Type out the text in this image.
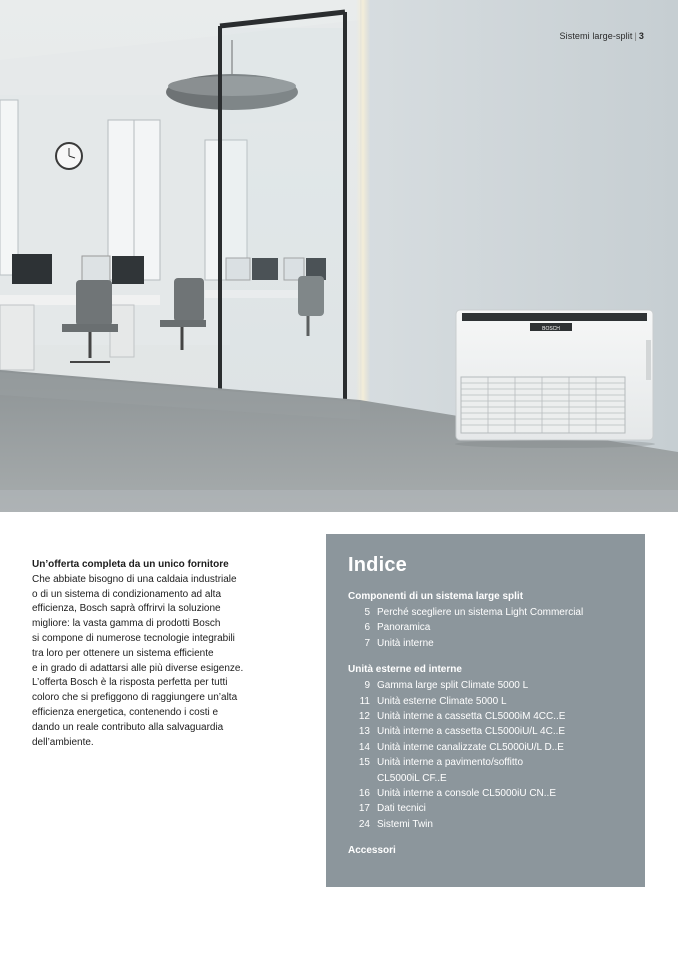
BOSCH
Sistemi large-split | 3
Un’offerta completa da un unico fornitore
Che abbiate bisogno di una caldaia industriale
o di un sistema di condizionamento ad alta
efficienza, Bosch saprà offrirvi la soluzione
migliore: la vasta gamma di prodotti Bosch
si compone di numerose tecnologie integrabili
tra loro per ottenere un sistema efficiente
e in grado di adattarsi alle più diverse esigenze.
L’offerta Bosch è la risposta perfetta per tutti
coloro che si prefiggono di raggiungere un’alta
efficienza energetica, contenendo i costi e
dando un reale contributo alla salvaguardia
dell’ambiente.
Indice
Componenti di un sistema large split
5 Perché scegliere un sistema Light Commercial
6 Panoramica
7 Unità interne
Unità esterne ed interne
9 Gamma large split Climate 5000 L
11 Unità esterne Climate 5000 L
12 Unità interne a cassetta CL5000iM 4CC..E
13 Unità interne a cassetta CL5000iU/L 4C..E
14 Unità interne canalizzate CL5000iU/L D..E
15 Unità interne a pavimento/soffitto
CL5000iL CF..E
16 Unità interne a console CL5000iU CN..E
17 Dati tecnici
24 Sistemi Twin
Accessori
